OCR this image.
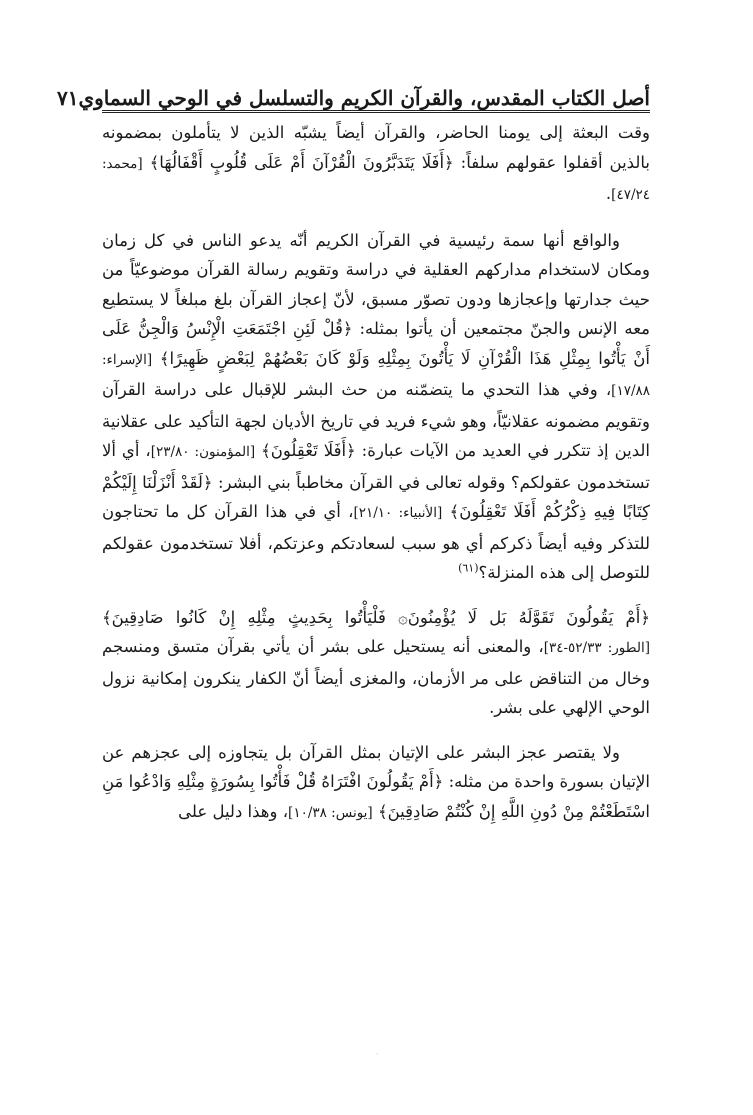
أصل الكتاب المقدس، والقرآن الكريم والتسلسل في الوحي السماوي
٧١

وقت البعثة إلى يومنا الحاضر، والقرآن أيضاً يشبّه الذين لا يتأملون بمضمونه بالذين أقفلوا عقولهم سلفاً: ﴿أَفَلَا يَتَدَبَّرُونَ الْقُرْآنَ أَمْ عَلَى قُلُوبٍ أَقْفَالُهَا﴾ [محمد: ٤٧/٢٤].

والواقع أنها سمة رئيسية في القرآن الكريم أنّه يدعو الناس في كل زمان ومكان لاستخدام مداركهم العقلية في دراسة وتقويم رسالة القرآن موضوعيّاً من حيث جدارتها وإعجازها ودون تصوّر مسبق، لأنّ إعجاز القرآن بلغ مبلغاً لا يستطيع معه الإنس والجنّ مجتمعين أن يأتوا بمثله: ﴿قُلْ لَئِنِ اجْتَمَعَتِ الْإِنْسُ وَالْجِنُّ عَلَى أَنْ يَأْتُوا بِمِثْلِ هَذَا الْقُرْآنِ لَا يَأْتُونَ بِمِثْلِهِ وَلَوْ كَانَ بَعْضُهُمْ لِبَعْضٍ ظَهِيرًا﴾ [الإسراء: ١٧/٨٨]، وفي هذا التحدي ما يتضمّنه من حث البشر للإقبال على دراسة القرآن وتقويم مضمونه عقلانيّاً، وهو شيء فريد في تاريخ الأديان لجهة التأكيد على عقلانية الدين إذ تتكرر في العديد من الآيات عبارة: ﴿أَفَلَا تَعْقِلُونَ﴾ [المؤمنون: ٢٣/٨٠]، أي ألا تستخدمون عقولكم؟ وقوله تعالى في القرآن مخاطباً بني البشر: ﴿لَقَدْ أَنْزَلْنَا إِلَيْكُمْ كِتَابًا فِيهِ ذِكْرُكُمْ أَفَلَا تَعْقِلُونَ﴾ [الأنبياء: ٢١/١٠]، أي في هذا القرآن كل ما تحتاجون للتذكر وفيه أيضاً ذكركم أي هو سبب لسعادتكم وعزتكم، أفلا تستخدمون عقولكم للتوصل إلى هذه المنزلة؟$^{(٦١)}$

﴿أَمْ يَقُولُونَ تَقَوَّلَهُ بَل لَا يُؤْمِنُونَ۞ فَلْيَأْتُوا بِحَدِيثٍ مِثْلِهِ إِنْ كَانُوا صَادِقِينَ﴾

[الطور: ٥٢/٣٣-٣٤]، والمعنى أنه يستحيل على بشر أن يأتي بقرآن متسق ومنسجم وخال من التناقض على مر الأزمان، والمغزى أيضاً أنّ الكفار ينكرون إمكانية نزول الوحي الإلهي على بشر.

ولا يقتصر عجز البشر على الإتيان بمثل القرآن بل يتجاوزه إلى عجزهم عن الإتيان بسورة واحدة من مثله: ﴿أَمْ يَقُولُونَ افْتَرَاهُ قُلْ فَأْتُوا بِسُورَةٍ مِثْلِهِ وَادْعُوا مَنِ اسْتَطَعْتُمْ مِنْ دُونِ اللَّهِ إِنْ كُنْتُمْ صَادِقِينَ﴾ [يونس: ١٠/٣٨]، وهذا دليل على

·
